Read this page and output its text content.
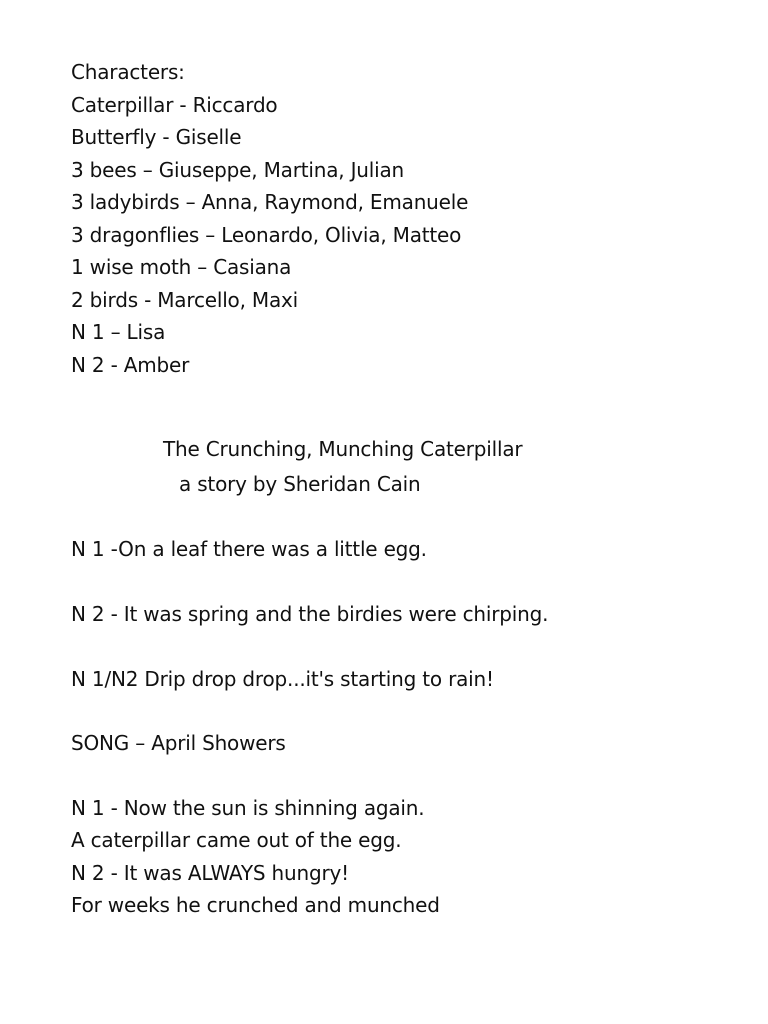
Characters:
Caterpillar - Riccardo
Butterfly - Giselle
3 bees – Giuseppe, Martina, Julian
3 ladybirds – Anna, Raymond, Emanuele
3 dragonflies – Leonardo, Olivia, Matteo
1 wise moth – Casiana
2 birds - Marcello, Maxi
N 1 – Lisa
N 2 - Amber
The Crunching, Munching Caterpillar
a story by Sheridan Cain
N 1 -On a leaf there was a little egg.
N 2 - It was spring and the birdies were chirping.
N 1/N2 Drip drop drop...it's starting to rain!
SONG – April Showers
N 1 - Now the sun is shinning again.
A caterpillar came out of the egg.
N 2 - It was ALWAYS hungry!
For weeks he crunched and munched
